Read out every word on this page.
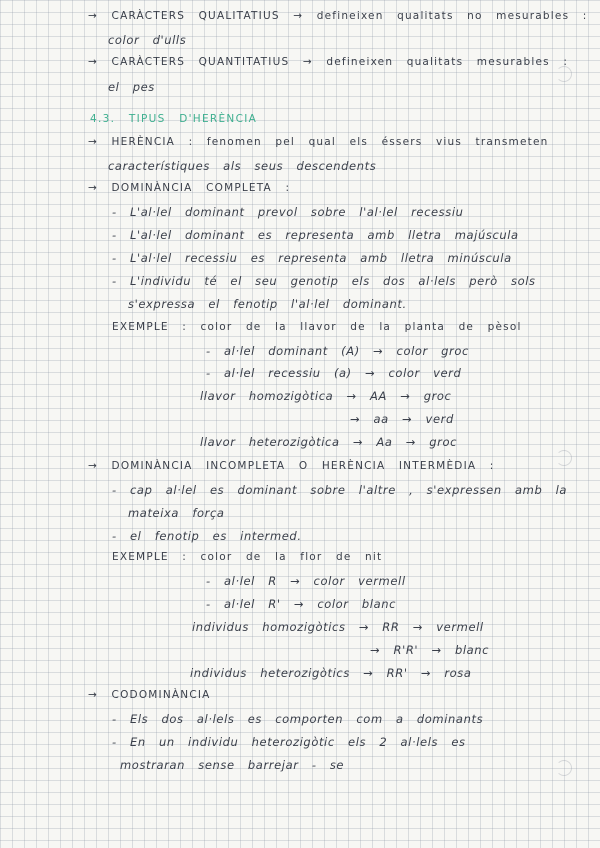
→ CARÀCTERS QUALITATIUS → defineixen qualitats no mesurables :
color d'ulls
→ CARÀCTERS QUANTITATIUS → defineixen qualitats mesurables :
el pes
4.3. TIPUS D'HERÈNCIA
→ HERÈNCIA : fenomen pel qual els éssers vius transmeten
característiques als seus descendents
→ DOMINÀNCIA COMPLETA :
- L'al·lel dominant prevol sobre l'al·lel recessiu
- L'al·lel dominant es representa amb lletra majúscula
- L'al·lel recessiu es representa amb lletra minúscula
- L'individu té el seu genotip els dos al·lels però sols
s'expressa el fenotip l'al·lel dominant.
EXEMPLE : color de la llavor de la planta de pèsol
- al·lel dominant (A) → color groc
- al·lel recessiu (a) → color verd
llavor homozigòtica → AA → groc
→ aa → verd
llavor heterozigòtica → Aa → groc
→ DOMINÀNCIA INCOMPLETA O HERÈNCIA INTERMÈDIA :
- cap al·lel es dominant sobre l'altre , s'expressen amb la
mateixa força
- el fenotip es intermed.
EXEMPLE : color de la flor de nit
- al·lel R → color vermell
- al·lel R' → color blanc
individus homozigòtics → RR → vermell
→ R'R' → blanc
individus heterozigòtics → RR' → rosa
→ CODOMINÀNCIA
- Els dos al·lels es comporten com a dominants
- En un individu heterozigòtic els 2 al·lels es
mostraran sense barrejar - se
